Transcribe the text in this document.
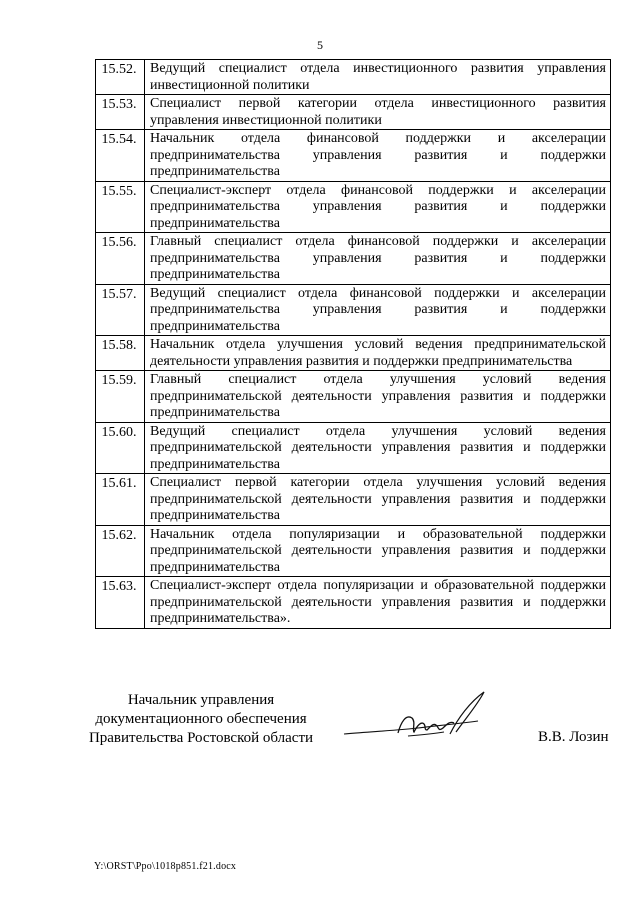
5
15.52.	Ведущий специалист отдела инвестиционного развития управления инвестиционной политики
15.53.	Специалист первой категории отдела инвестиционного развития управления инвестиционной политики
15.54.	Начальник отдела финансовой поддержки и акселерации предпринимательства управления развития и поддержки предпринимательства
15.55.	Специалист-эксперт отдела финансовой поддержки и акселерации предпринимательства управления развития и поддержки предпринимательства
15.56.	Главный специалист отдела финансовой поддержки и акселерации предпринимательства управления развития и поддержки предпринимательства
15.57.	Ведущий специалист отдела финансовой поддержки и акселерации предпринимательства управления развития и поддержки предпринимательства
15.58.	Начальник отдела улучшения условий ведения предпринимательской деятельности управления развития и поддержки предпринимательства
15.59.	Главный специалист отдела улучшения условий ведения предпринимательской деятельности управления развития и поддержки предпринимательства
15.60.	Ведущий специалист отдела улучшения условий ведения предпринимательской деятельности управления развития и поддержки предпринимательства
15.61.	Специалист первой категории отдела улучшения условий ведения предпринимательской деятельности управления развития и поддержки предпринимательства
15.62.	Начальник отдела популяризации и образовательной поддержки предпринимательской деятельности управления развития и поддержки предпринимательства
15.63.	Специалист-эксперт отдела популяризации и образовательной поддержки предпринимательской деятельности управления развития и поддержки предпринимательства».
Начальник управления
документационного обеспечения
Правительства Ростовской области	В.В. Лозин
Y:\ORST\Ppo\1018p851.f21.docx
